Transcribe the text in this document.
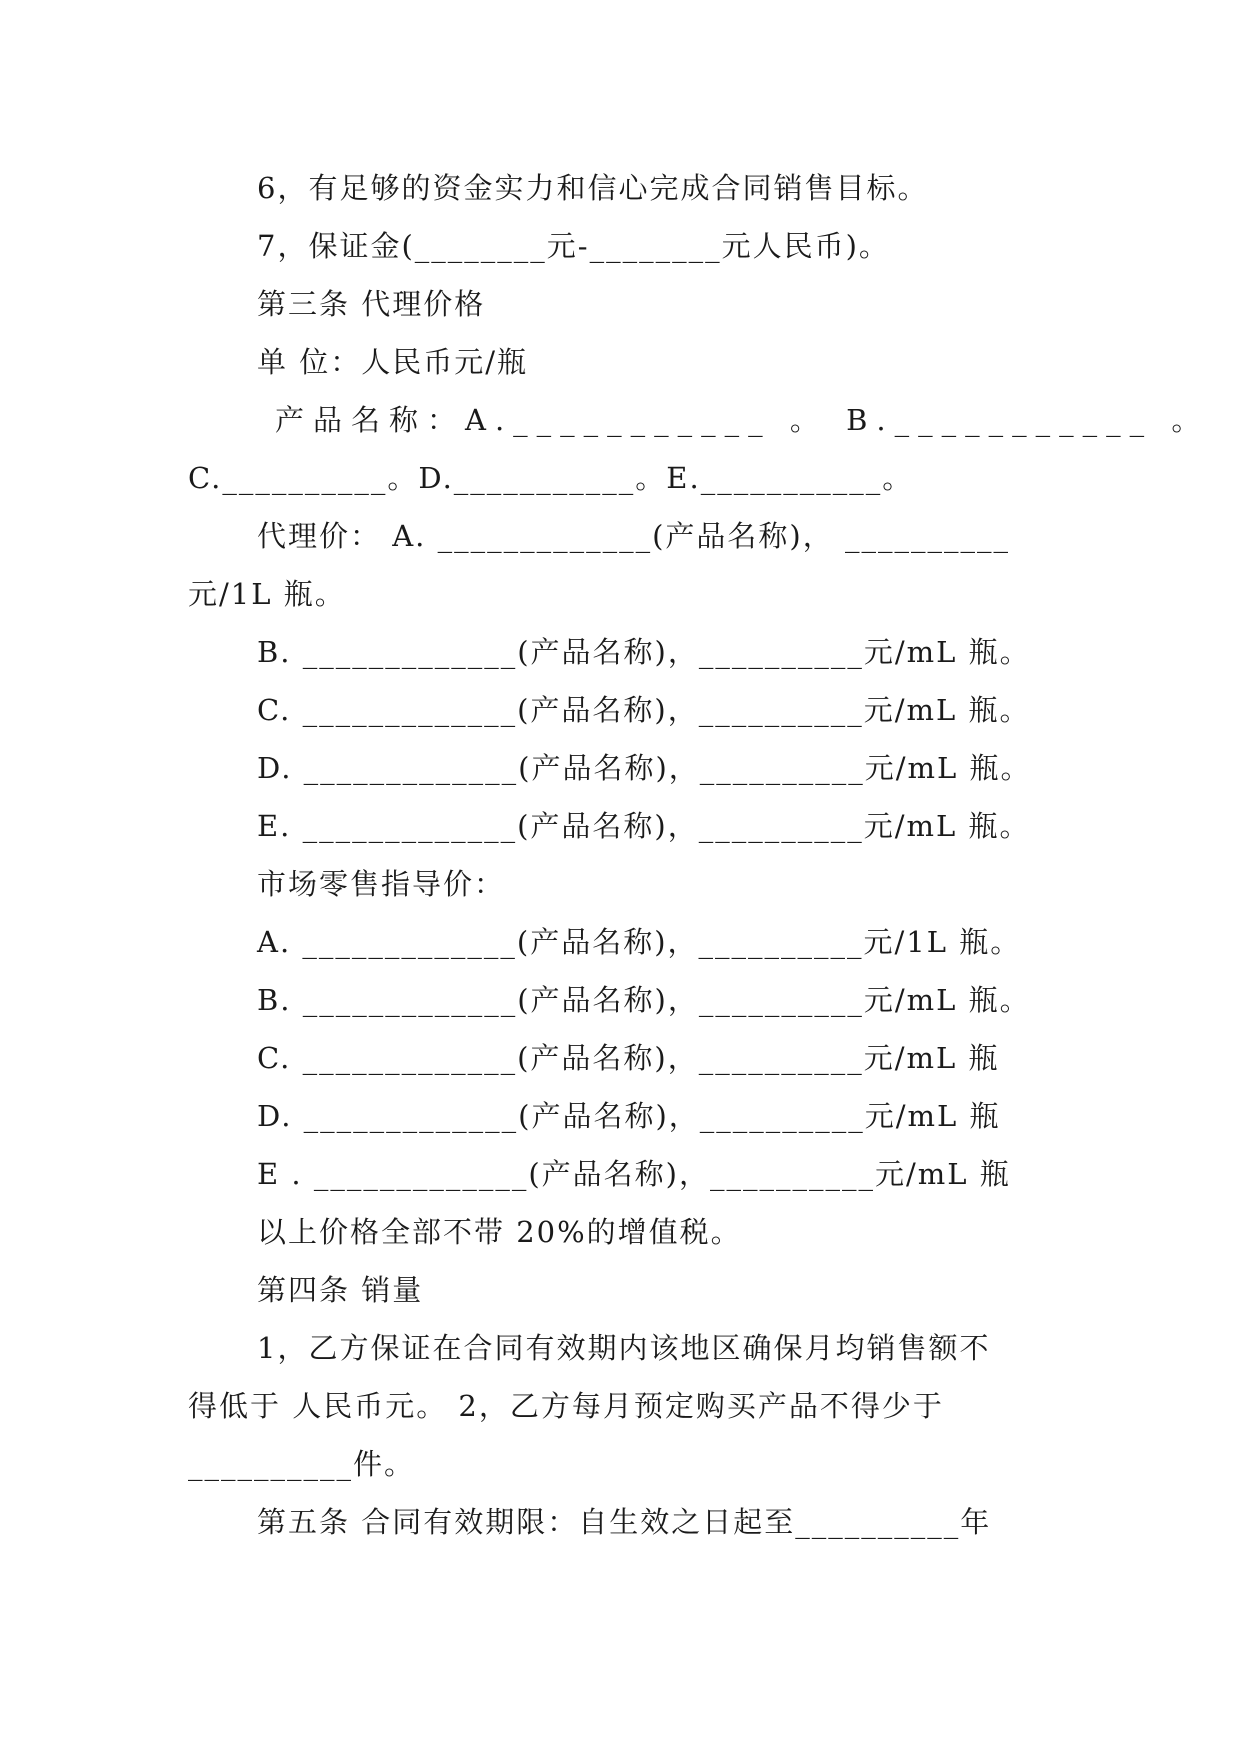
6，有足够的资金实力和信心完成合同销售目标。
7，保证金(________元-________元人民币)。
第三条 代理价格
单 位：人民币元/瓶
产品名称：A.___________ 。 B.___________ 。
C.__________。D.___________。E.___________。
代理价： A. _____________(产品名称)， __________
元/1L 瓶。
B. _____________(产品名称)，__________元/mL 瓶。
C. _____________(产品名称)，__________元/mL 瓶。
D. _____________(产品名称)，__________元/mL 瓶。
E. _____________(产品名称)，__________元/mL 瓶。
市场零售指导价：
A. _____________(产品名称)，__________元/1L 瓶。
B. _____________(产品名称)，__________元/mL 瓶。
C. _____________(产品名称)，__________元/mL 瓶
D. _____________(产品名称)，__________元/mL 瓶
E . _____________(产品名称)，__________元/mL 瓶
以上价格全部不带 20%的增值税。
第四条 销量
1，乙方保证在合同有效期内该地区确保月均销售额不
得低于 人民币元。 2，乙方每月预定购买产品不得少于
__________件。
第五条 合同有效期限：自生效之日起至__________年
